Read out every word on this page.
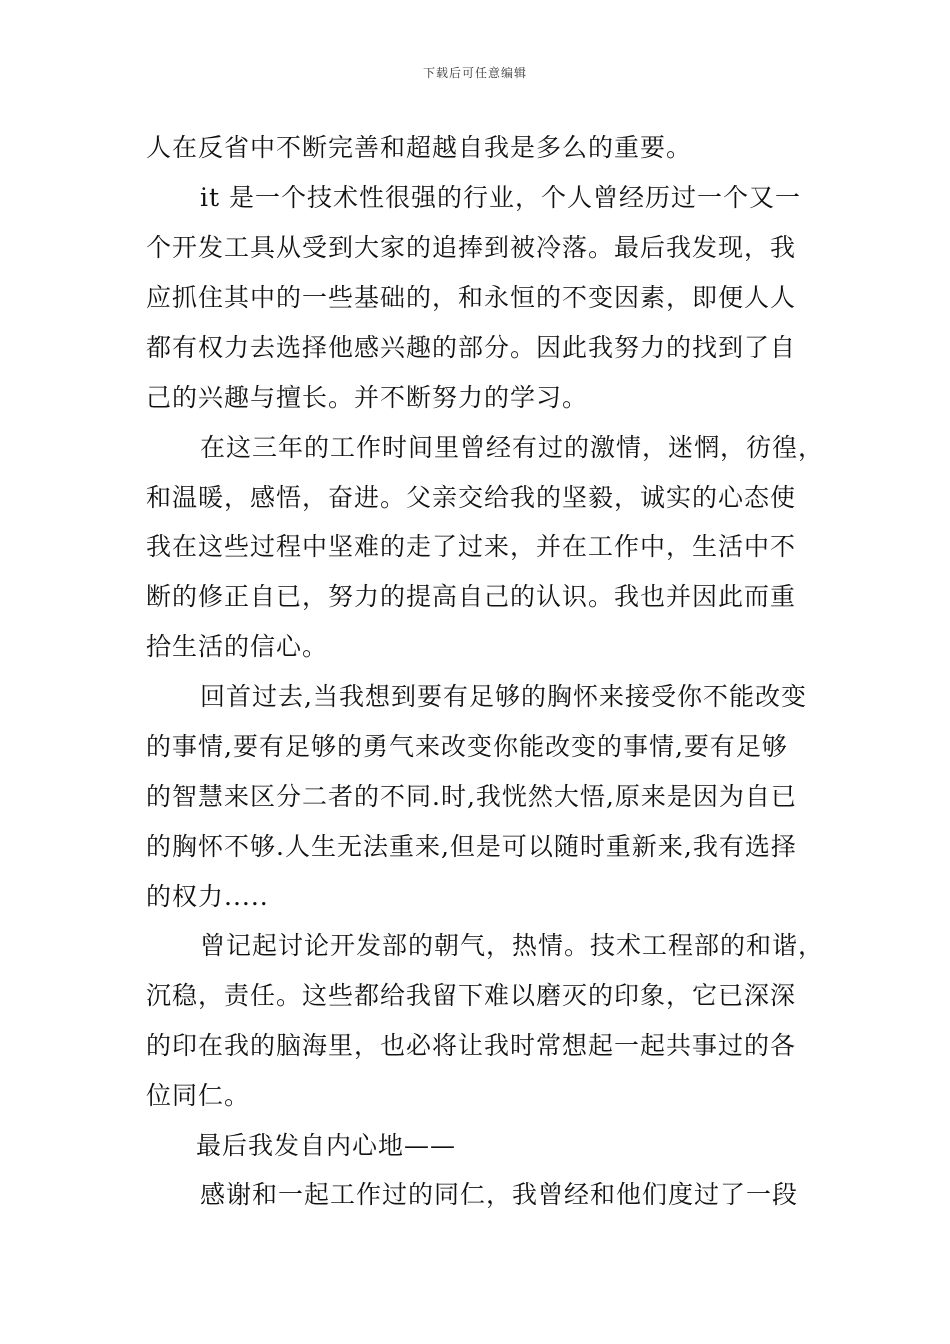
下载后可任意编辑
人在反省中不断完善和超越自我是多么的重要。
it 是一个技术性很强的行业，个人曾经历过一个又一
个开发工具从受到大家的追捧到被冷落。最后我发现，我
应抓住其中的一些基础的，和永恒的不变因素，即便人人
都有权力去选择他感兴趣的部分。因此我努力的找到了自
己的兴趣与擅长。并不断努力的学习。
在这三年的工作时间里曾经有过的激情，迷惘，彷徨，
和温暖，感悟，奋进。父亲交给我的坚毅，诚实的心态使
我在这些过程中坚难的走了过来，并在工作中，生活中不
断的修正自已，努力的提高自己的认识。我也并因此而重
拾生活的信心。
回首过去,当我想到要有足够的胸怀来接受你不能改变
的事情,要有足够的勇气来改变你能改变的事情,要有足够
的智慧来区分二者的不同.时,我恍然大悟,原来是因为自已
的胸怀不够.人生无法重来,但是可以随时重新来,我有选择
的权力.....
曾记起讨论开发部的朝气，热情。技术工程部的和谐，
沉稳，责任。这些都给我留下难以磨灭的印象，它已深深
的印在我的脑海里，也必将让我时常想起一起共事过的各
位同仁。
最后我发自内心地——
感谢和一起工作过的同仁，我曾经和他们度过了一段
